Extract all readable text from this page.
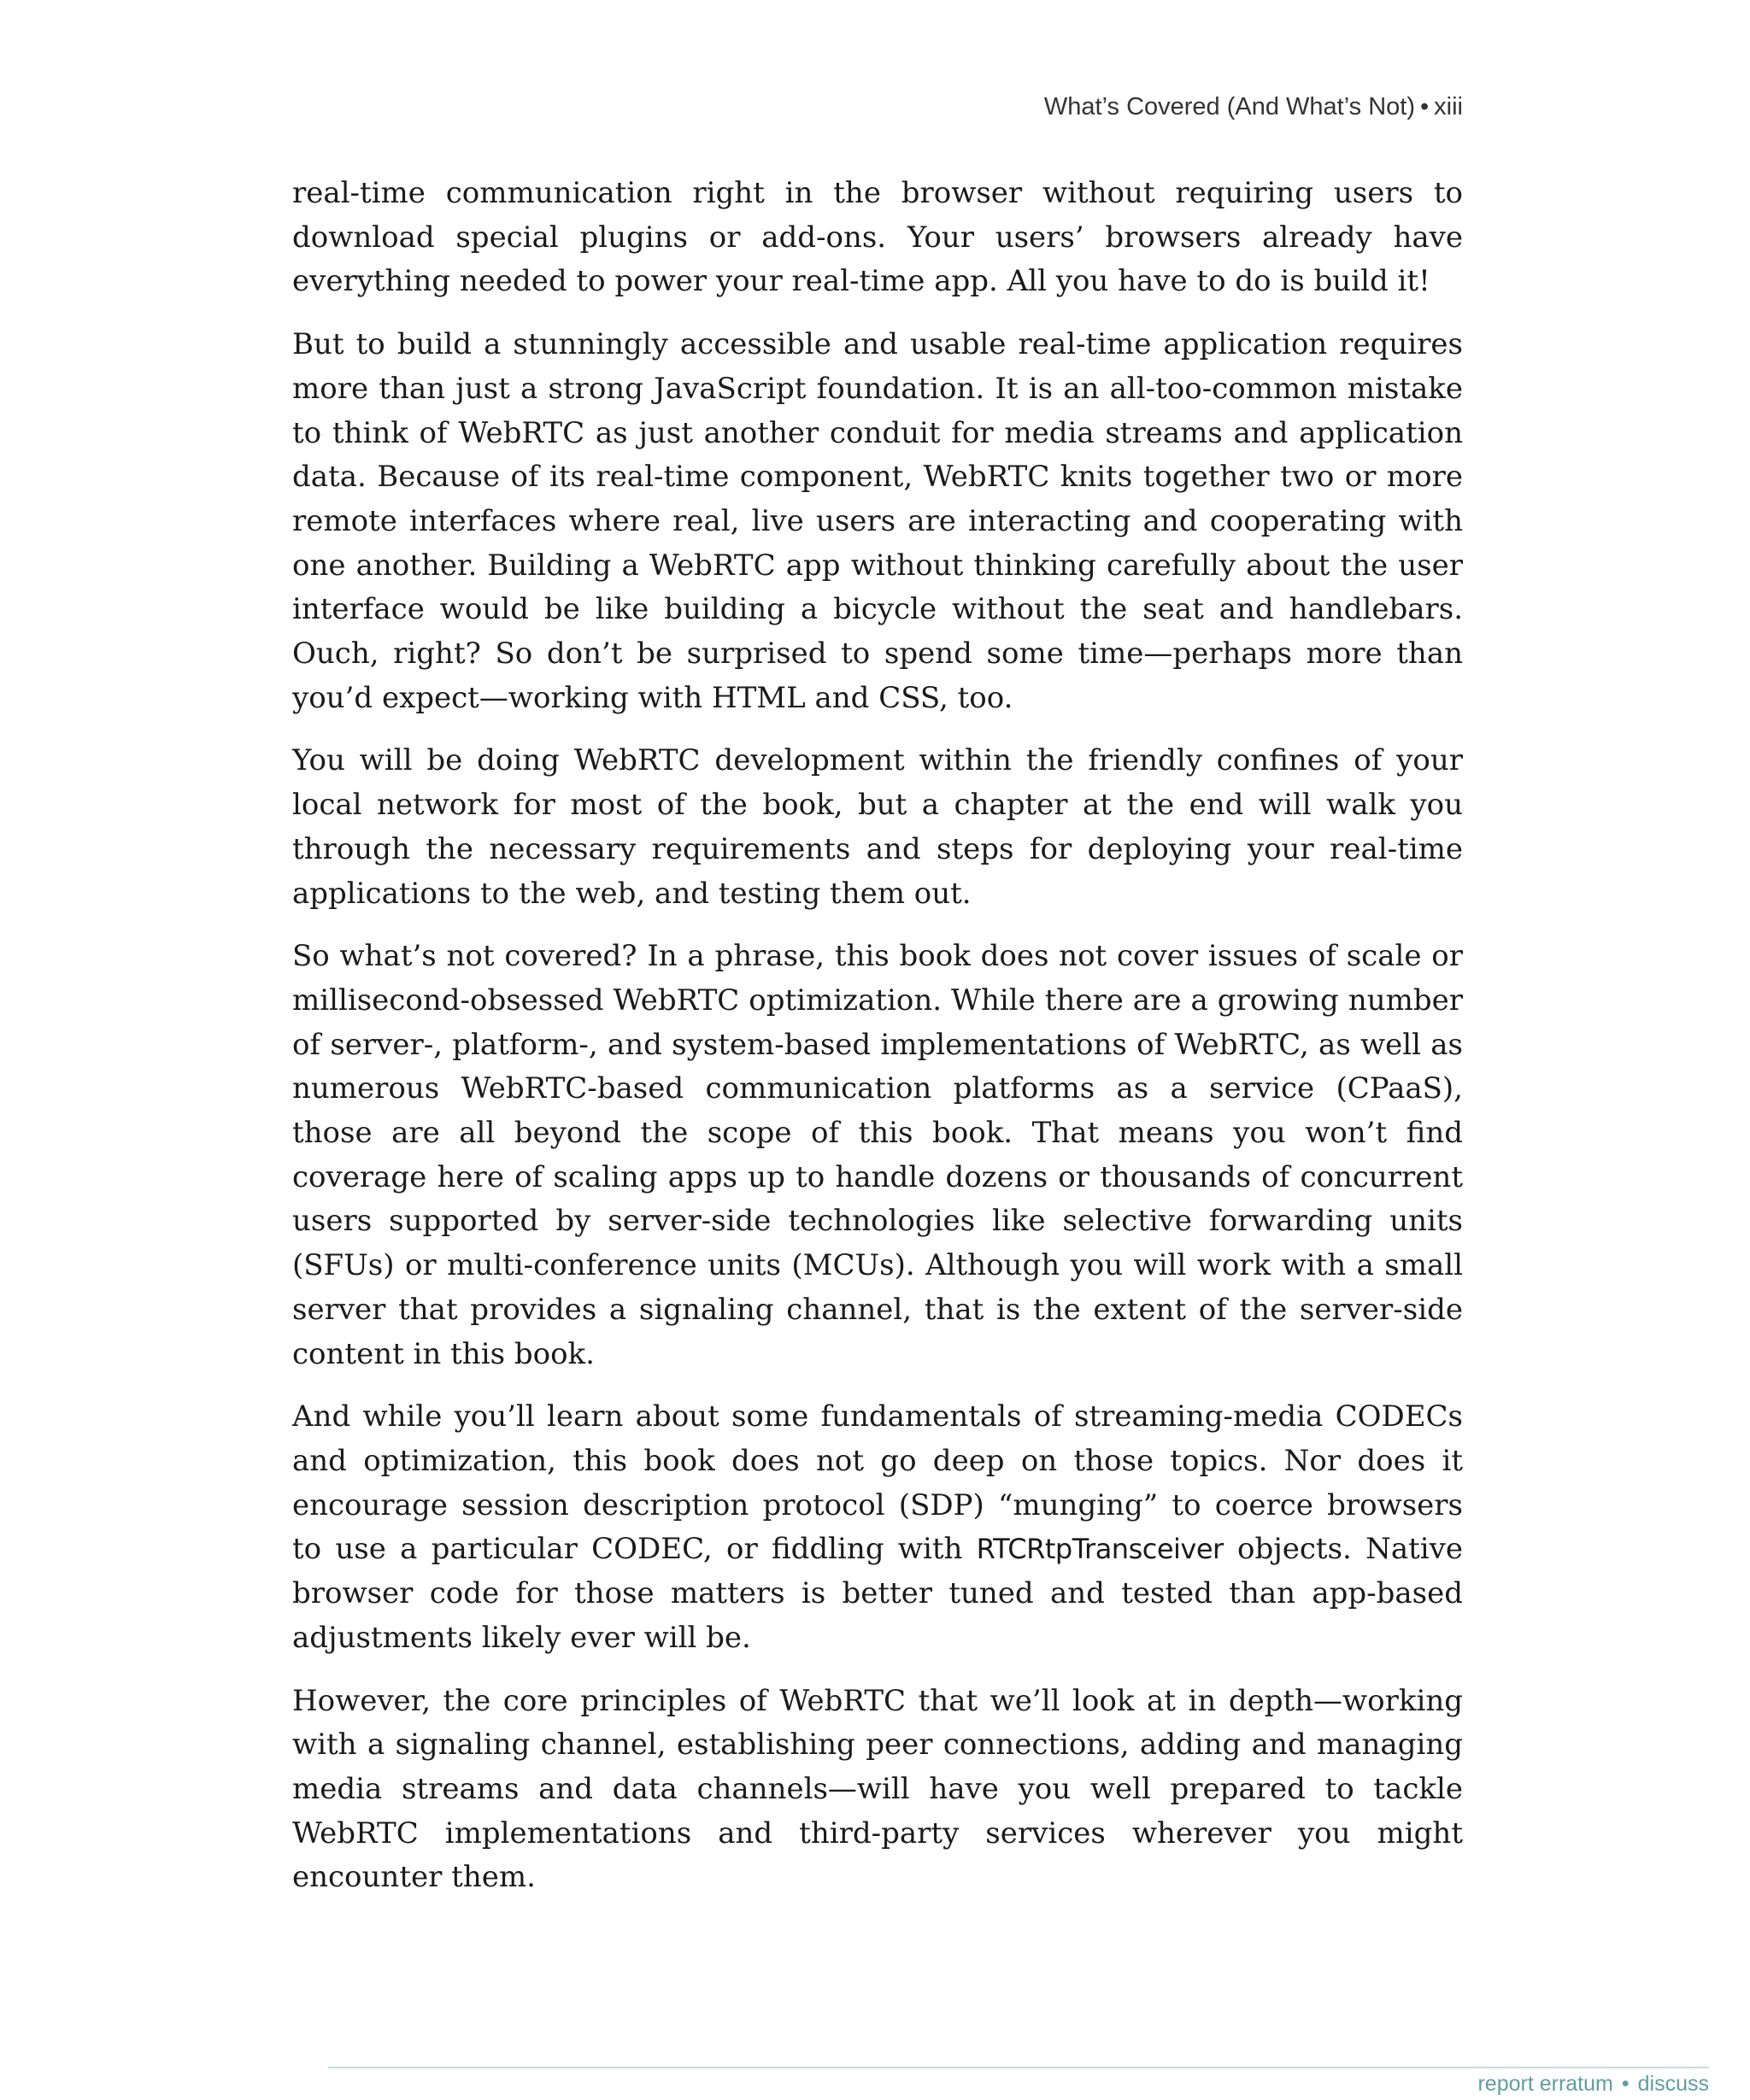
What’s Covered (And What’s Not) • xiii

real-time communication right in the browser without requiring users to download special plugins or add-ons. Your users’ browsers already have everything needed to power your real-time app. All you have to do is build it!

But to build a stunningly accessible and usable real-time application requires more than just a strong JavaScript foundation. It is an all-too-common mistake to think of WebRTC as just another conduit for media streams and application data. Because of its real-time component, WebRTC knits together two or more remote interfaces where real, live users are interacting and cooperating with one another. Building a WebRTC app without thinking carefully about the user interface would be like building a bicycle without the seat and handlebars. Ouch, right? So don’t be surprised to spend some time—perhaps more than you’d expect—working with HTML and CSS, too.

You will be doing WebRTC development within the friendly confines of your local network for most of the book, but a chapter at the end will walk you through the necessary requirements and steps for deploying your real-time applications to the web, and testing them out.

So what’s not covered? In a phrase, this book does not cover issues of scale or millisecond-obsessed WebRTC optimization. While there are a growing number of server-, platform-, and system-based implementations of WebRTC, as well as numerous WebRTC-based communication platforms as a service (CPaaS), those are all beyond the scope of this book. That means you won’t find coverage here of scaling apps up to handle dozens or thousands of concurrent users supported by server-side technologies like selective forwarding units (SFUs) or multi-conference units (MCUs). Although you will work with a small server that provides a signaling channel, that is the extent of the server-side content in this book.

And while you’ll learn about some fundamentals of streaming-media CODECs and optimization, this book does not go deep on those topics. Nor does it encourage session description protocol (SDP) “munging” to coerce browsers to use a particular CODEC, or fiddling with RTCRtpTransceiver objects. Native browser code for those matters is better tuned and tested than app-based adjustments likely ever will be.

However, the core principles of WebRTC that we’ll look at in depth—working with a signaling channel, establishing peer connections, adding and managing media streams and data channels—will have you well prepared to tackle WebRTC implementations and third-party services wherever you might encounter them.

report erratum • discuss
